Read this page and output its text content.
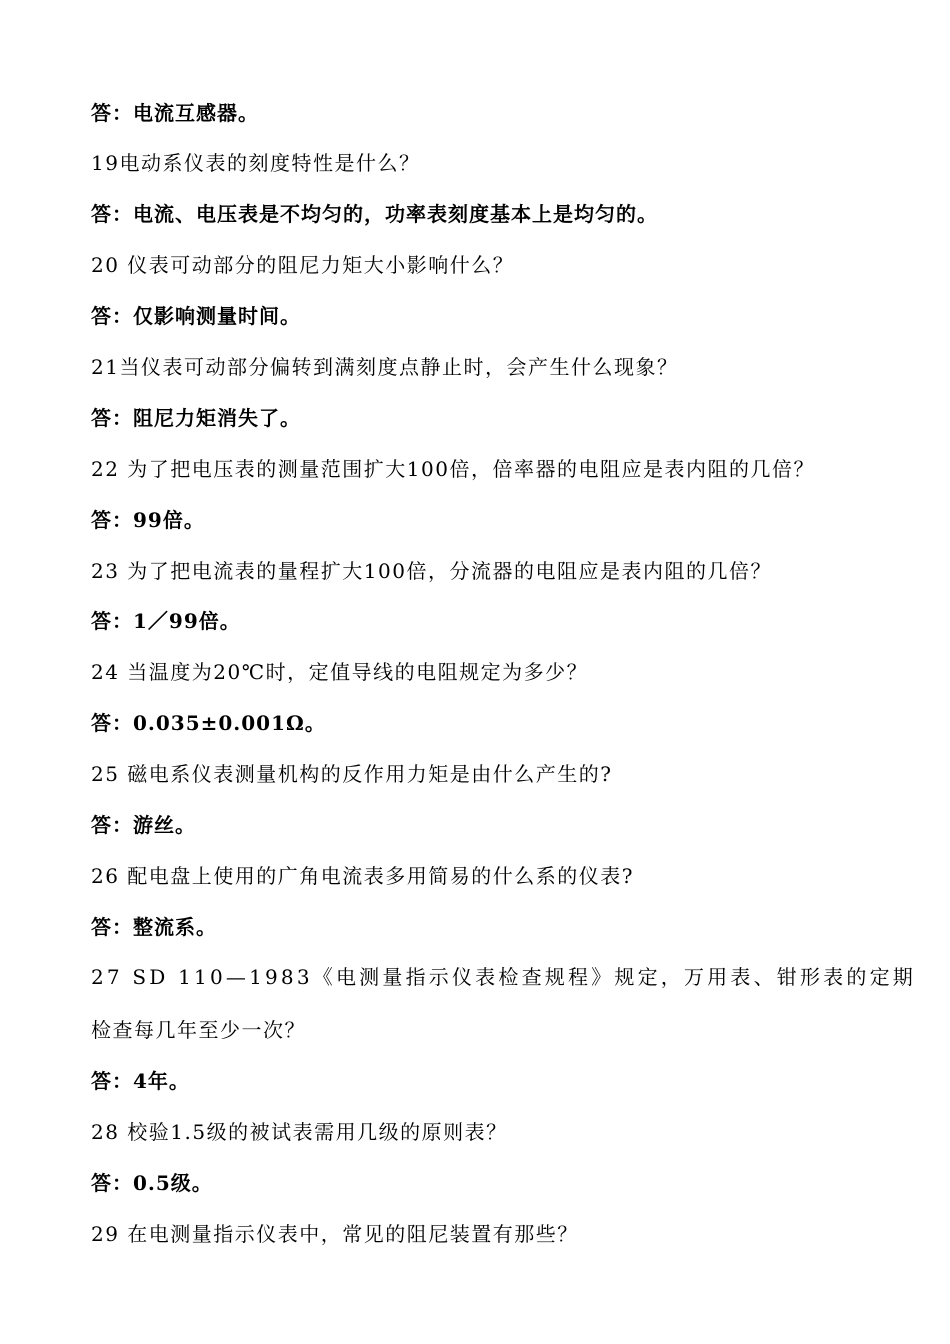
答：电流互感器。
19电动系仪表的刻度特性是什么？
答：电流、电压表是不均匀的，功率表刻度基本上是均匀的。
20 仪表可动部分的阻尼力矩大小影响什么？
答：仅影响测量时间。
21当仪表可动部分偏转到满刻度点静止时，会产生什么现象？
答：阻尼力矩消失了。
22 为了把电压表的测量范围扩大100倍，倍率器的电阻应是表内阻的几倍？
答：99倍。
23 为了把电流表的量程扩大100倍，分流器的电阻应是表内阻的几倍？
答：1／99倍。
24 当温度为20℃时，定值导线的电阻规定为多少？
答：0.035±0.001Ω。
25 磁电系仪表测量机构的反作用力矩是由什么产生的?
答：游丝。
26 配电盘上使用的广角电流表多用简易的什么系的仪表?
答：整流系。
27 SD 110—1983《电测量指示仪表检查规程》规定，万用表、钳形表的定期
检查每几年至少一次？
答：4年。
28 校验1.5级的被试表需用几级的原则表？
答：0.5级。
29 在电测量指示仪表中，常见的阻尼装置有那些？
